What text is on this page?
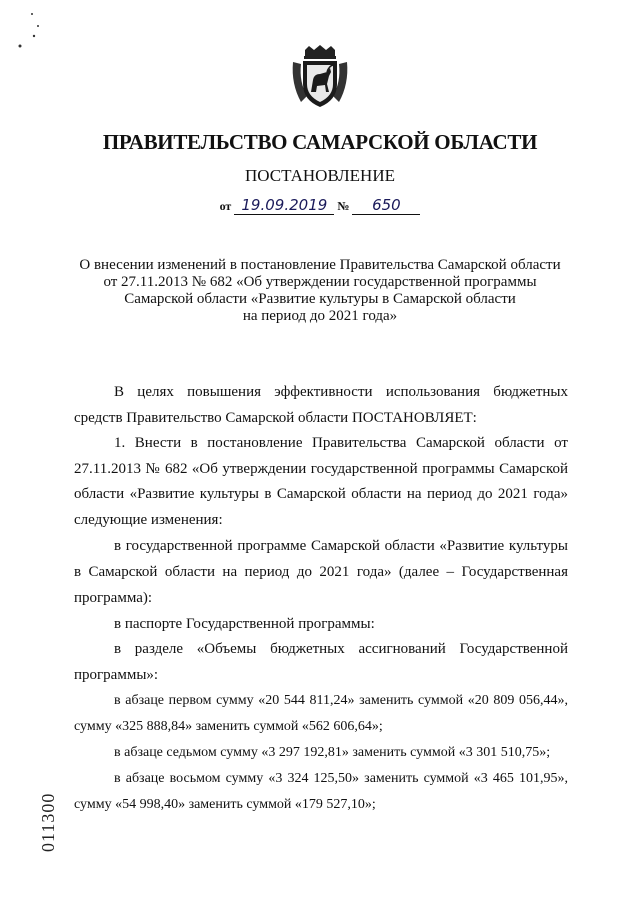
ПРАВИТЕЛЬСТВО САМАРСКОЙ ОБЛАСТИ
ПОСТАНОВЛЕНИЕ
от 19.09.2019 № 650
О внесении изменений в постановление Правительства Самарской области
от 27.11.2013 № 682 «Об утверждении государственной программы
Самарской области «Развитие культуры в Самарской области
на период до 2021 года»

В целях повышения эффективности использования бюджетных средств Правительство Самарской области ПОСТАНОВЛЯЕТ:

1. Внести в постановление Правительства Самарской области от 27.11.2013 № 682 «Об утверждении государственной программы Самарской области «Развитие культуры в Самарской области на период до 2021 года» следующие изменения:

в государственной программе Самарской области «Развитие культуры в Самарской области на период до 2021 года» (далее – Государственная программа):

в паспорте Государственной программы:

в разделе «Объемы бюджетных ассигнований Государственной программы»:

в абзаце первом сумму «20 544 811,24» заменить суммой «20 809 056,44», сумму «325 888,84» заменить суммой «562 606,64»;

в абзаце седьмом сумму «3 297 192,81» заменить суммой «3 301 510,75»;

в абзаце восьмом сумму «3 324 125,50» заменить суммой «3 465 101,95», сумму «54 998,40» заменить суммой «179 527,10»;

011300
